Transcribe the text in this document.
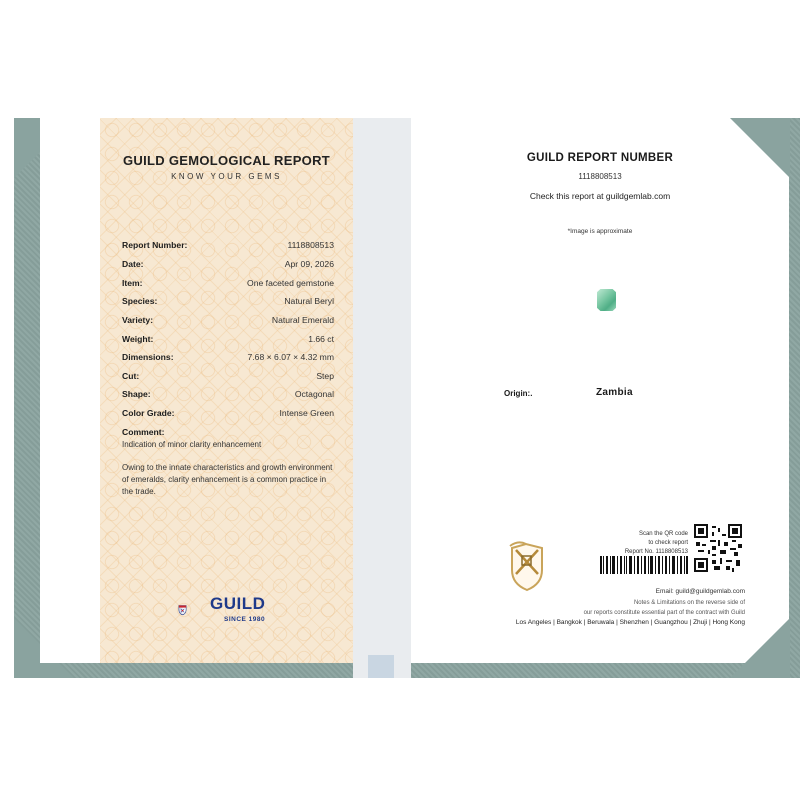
GUILD GEMOLOGICAL REPORT
KNOW YOUR GEMS
Report Number:	1118808513
Date:	Apr 09, 2026
Item:	One faceted gemstone
Species:	Natural Beryl
Variety:	Natural Emerald
Weight:	1.66 ct
Dimensions:	7.68 × 6.07 × 4.32 mm
Cut:	Step
Shape:	Octagonal
Color Grade:	Intense Green
Comment:
Indication of minor clarity enhancement
Owing to the innate characteristics and growth environment of emeralds, clarity enhancement is a common practice in the trade.
GUILD
SINCE 1980
GUILD REPORT NUMBER
1118808513
Check this report at guildgemlab.com
*Image is approximate
Origin:.	Zambia
Scan the QR code
to check report
Report No. 1118808513
Email: guild@guildgemlab.com
Notes & Limitations on the reverse side of
our reports constitute essential part of the contract with Guild
Los Angeles | Bangkok | Beruwala | Shenzhen | Guangzhou | Zhuji | Hong Kong
